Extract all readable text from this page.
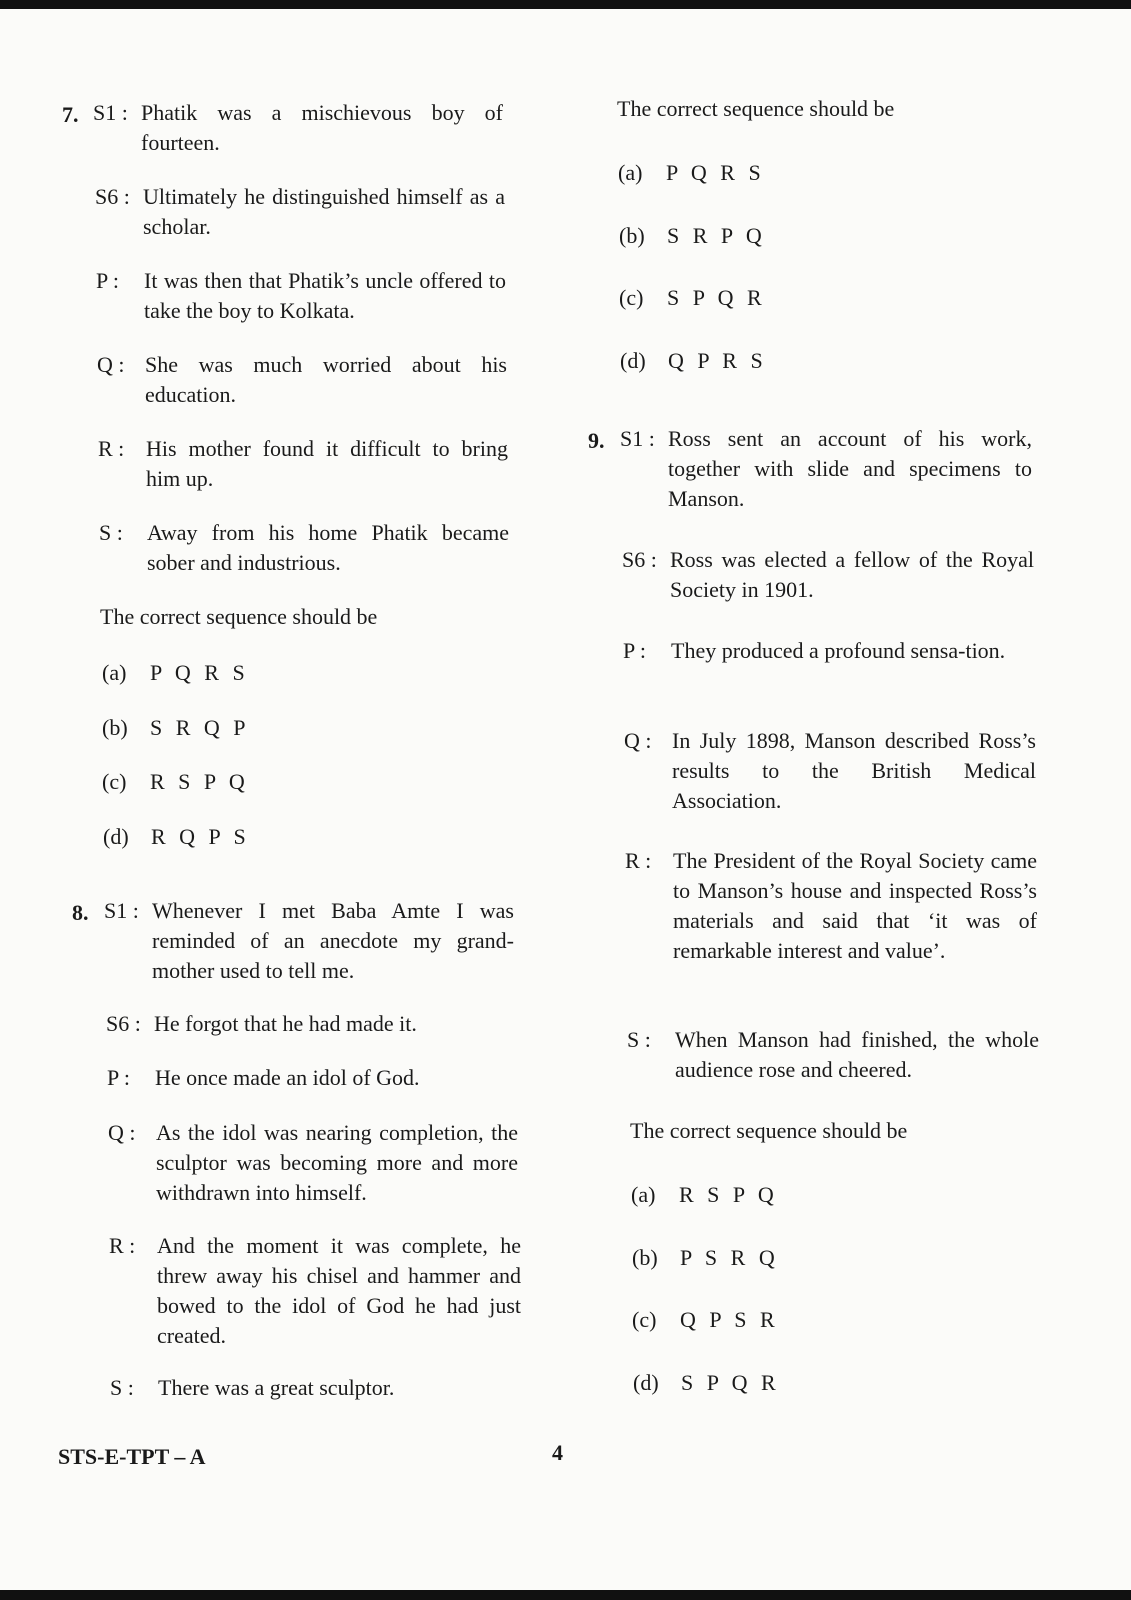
7. S1 : Phatik was a mischievous boy of fourteen.
S6 : Ultimately he distinguished himself as a scholar.
P :	It was then that Phatik’s uncle offered to take the boy to Kolkata.
Q : She was much worried about his education.
R : His mother found it difficult to bring him up.
S :	Away from his home Phatik became sober and industrious.
The correct sequence should be
(a) P Q R S
(b) S R Q P
(c) R S P Q
(d) R Q P S
8. S1 : Whenever I met Baba Amte I was reminded of an anecdote my grand-mother used to tell me.
S6 : He forgot that he had made it.
P :	He once made an idol of God.
Q : As the idol was nearing completion, the sculptor was becoming more and more withdrawn into himself.
R : And the moment it was complete, he threw away his chisel and hammer and bowed to the idol of God he had just created.
S :	There was a great sculptor.
The correct sequence should be
(a) P Q R S
(b) S R P Q
(c) S P Q R
(d) Q P R S
9. S1 : Ross sent an account of his work, together with slide and specimens to Manson.
S6 : Ross was elected a fellow of the Royal Society in 1901.
P :	They produced a profound sensa-tion.
Q : In July 1898, Manson described Ross’s results to the British Medical Association.
R : The President of the Royal Society came to Manson’s house and inspected Ross’s materials and said that ‘it was of remarkable interest and value’.
S :	When Manson had finished, the whole audience rose and cheered.
The correct sequence should be
(a) R S P Q
(b) P S R Q
(c) Q P S R
(d) S P Q R
STS-E-TPT – A	4
